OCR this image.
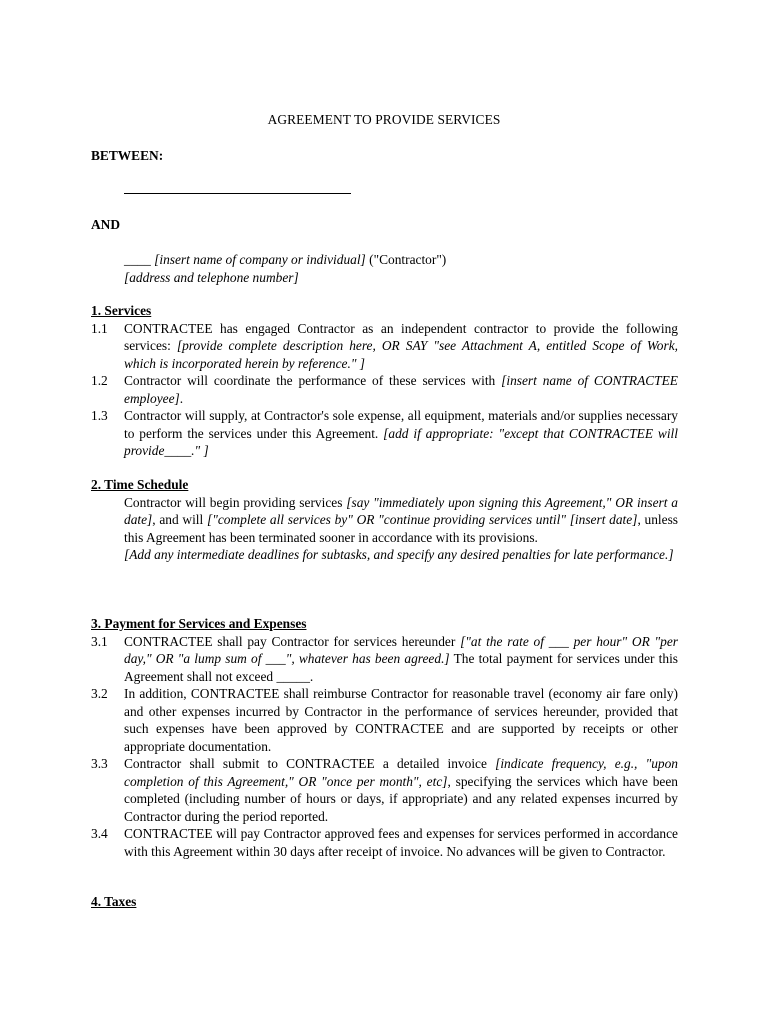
AGREEMENT TO PROVIDE SERVICES
BETWEEN:
AND
____ [insert name of company or individual] ("Contractor")
[address and telephone number]
1. Services
1.1 CONTRACTEE has engaged Contractor as an independent contractor to provide the following services: [provide complete description here, OR SAY "see Attachment A, entitled Scope of Work, which is incorporated herein by reference." ]
1.2 Contractor will coordinate the performance of these services with [insert name of CONTRACTEE employee].
1.3 Contractor will supply, at Contractor's sole expense, all equipment, materials and/or supplies necessary to perform the services under this Agreement. [add if appropriate: "except that CONTRACTEE will provide____." ]
2. Time Schedule
Contractor will begin providing services [say "immediately upon signing this Agreement," OR insert a date], and will ["complete all services by" OR "continue providing services until" [insert date], unless this Agreement has been terminated sooner in accordance with its provisions.
[Add any intermediate deadlines for subtasks, and specify any desired penalties for late performance.]
3. Payment for Services and Expenses
3.1 CONTRACTEE shall pay Contractor for services hereunder ["at the rate of ___ per hour" OR "per day," OR "a lump sum of ___", whatever has been agreed.] The total payment for services under this Agreement shall not exceed _____.
3.2 In addition, CONTRACTEE shall reimburse Contractor for reasonable travel (economy air fare only) and other expenses incurred by Contractor in the performance of services hereunder, provided that such expenses have been approved by CONTRACTEE and are supported by receipts or other appropriate documentation.
3.3 Contractor shall submit to CONTRACTEE a detailed invoice [indicate frequency, e.g., "upon completion of this Agreement," OR "once per month", etc], specifying the services which have been completed (including number of hours or days, if appropriate) and any related expenses incurred by Contractor during the period reported.
3.4 CONTRACTEE will pay Contractor approved fees and expenses for services performed in accordance with this Agreement within 30 days after receipt of invoice. No advances will be given to Contractor.
4. Taxes
